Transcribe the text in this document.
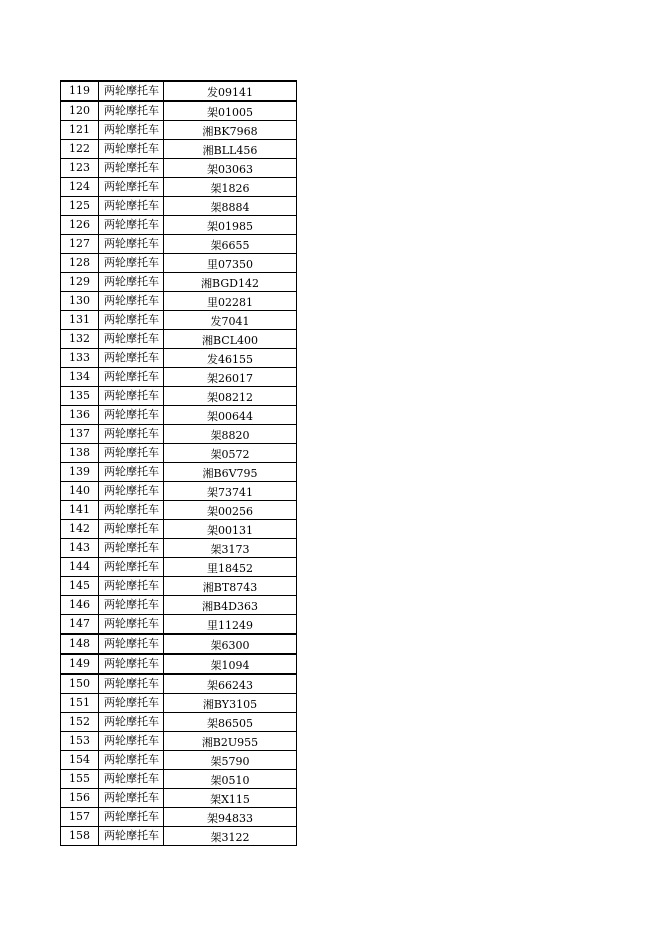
119	两轮摩托车	发09141
120	两轮摩托车	架01005
121	两轮摩托车	湘BK7968
122	两轮摩托车	湘BLL456
123	两轮摩托车	架03063
124	两轮摩托车	架1826
125	两轮摩托车	架8884
126	两轮摩托车	架01985
127	两轮摩托车	架6655
128	两轮摩托车	里07350
129	两轮摩托车	湘BGD142
130	两轮摩托车	里02281
131	两轮摩托车	发7041
132	两轮摩托车	湘BCL400
133	两轮摩托车	发46155
134	两轮摩托车	架26017
135	两轮摩托车	架08212
136	两轮摩托车	架00644
137	两轮摩托车	架8820
138	两轮摩托车	架0572
139	两轮摩托车	湘B6V795
140	两轮摩托车	架73741
141	两轮摩托车	架00256
142	两轮摩托车	架00131
143	两轮摩托车	架3173
144	两轮摩托车	里18452
145	两轮摩托车	湘BT8743
146	两轮摩托车	湘B4D363
147	两轮摩托车	里11249
148	两轮摩托车	架6300
149	两轮摩托车	架1094
150	两轮摩托车	架66243
151	两轮摩托车	湘BY3105
152	两轮摩托车	架86505
153	两轮摩托车	湘B2U955
154	两轮摩托车	架5790
155	两轮摩托车	架0510
156	两轮摩托车	架X115
157	两轮摩托车	架94833
158	两轮摩托车	架3122
